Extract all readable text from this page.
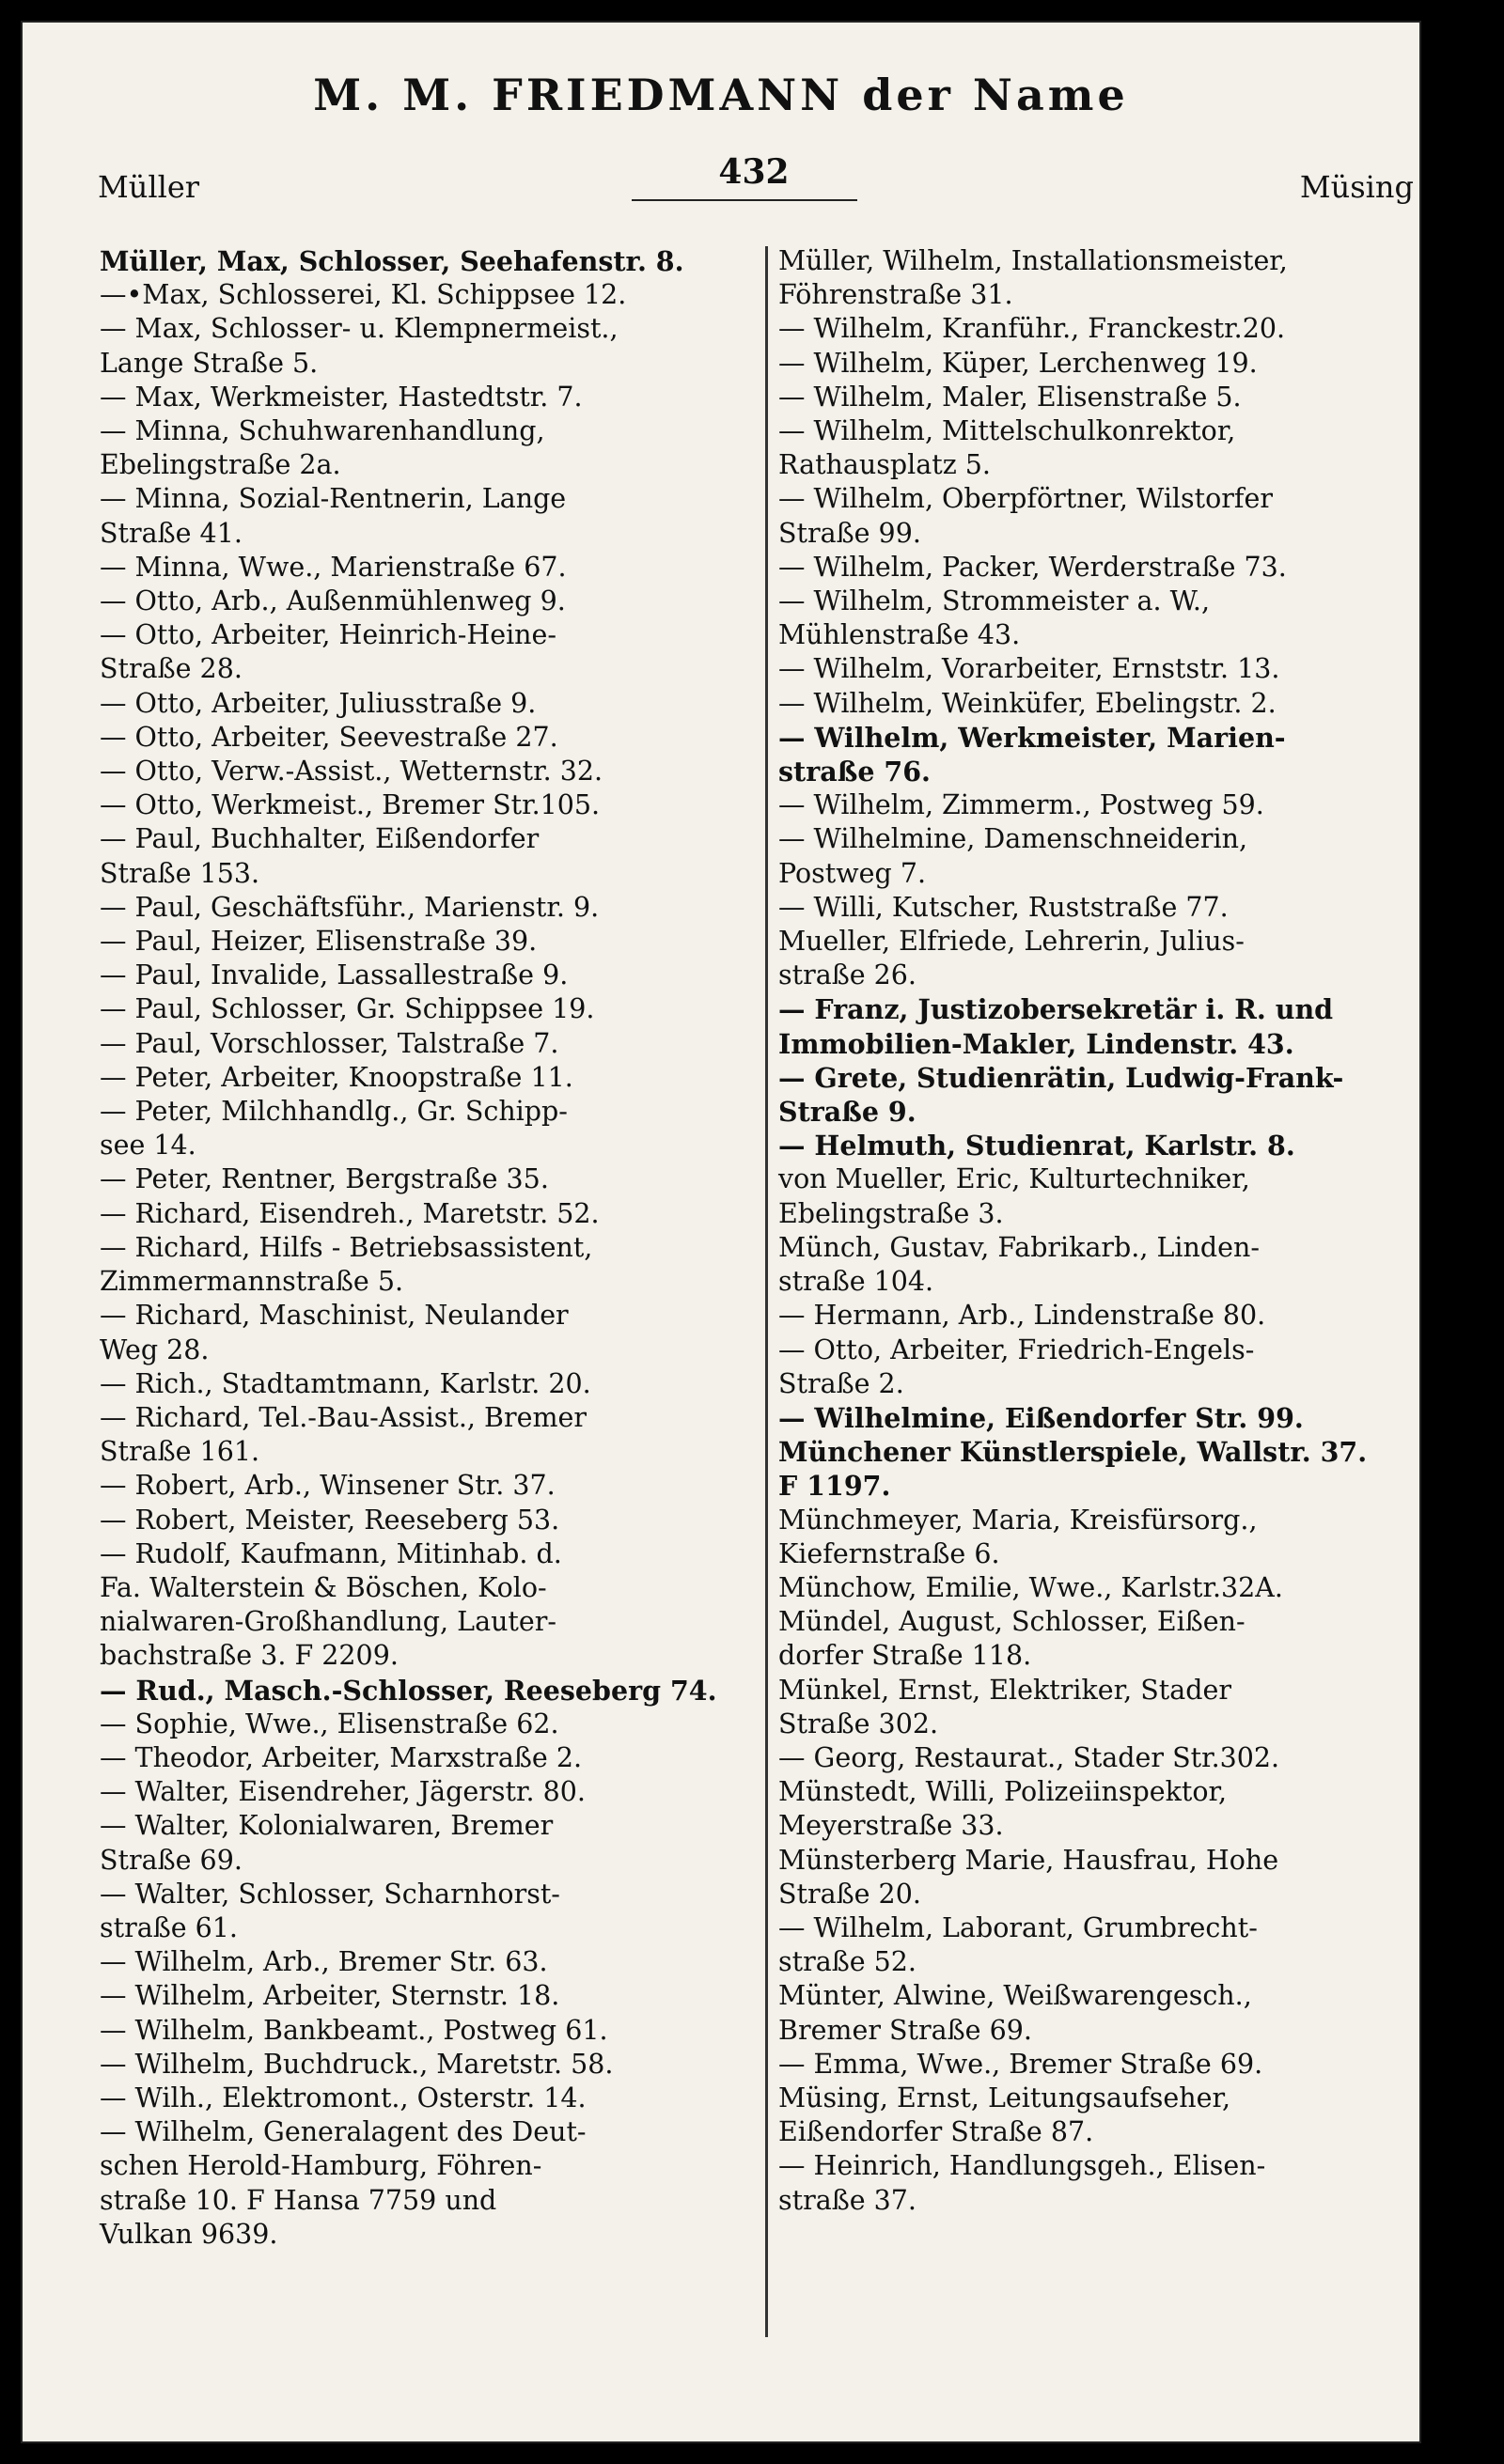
M. M. FRIEDMANN der Name
Müller	432	Müsing

Müller, Max, Schlosser, Seehafenstr. 8.

—•Max, Schlosserei, Kl. Schippsee 12.

— Max, Schlosser- u. Klempnermeist.,
Lange Straße 5.

— Max, Werkmeister, Hastedtstr. 7.

— Minna, Schuhwarenhandlung,
Ebelingstraße 2a.

— Minna, Sozial-Rentnerin, Lange
Straße 41.

— Minna, Wwe., Marienstraße 67.

— Otto, Arb., Außenmühlenweg 9.

— Otto, Arbeiter, Heinrich-Heine-
Straße 28.

— Otto, Arbeiter, Juliusstraße 9.

— Otto, Arbeiter, Seevestraße 27.

— Otto, Verw.-Assist., Wetternstr. 32.

— Otto, Werkmeist., Bremer Str.105.

— Paul, Buchhalter, Eißendorfer
Straße 153.

— Paul, Geschäftsführ., Marienstr. 9.

— Paul, Heizer, Elisenstraße 39.

— Paul, Invalide, Lassallestraße 9.

— Paul, Schlosser, Gr. Schippsee 19.

— Paul, Vorschlosser, Talstraße 7.

— Peter, Arbeiter, Knoopstraße 11.

— Peter, Milchhandlg., Gr. Schipp-
see 14.

— Peter, Rentner, Bergstraße 35.

— Richard, Eisendreh., Maretstr. 52.

— Richard, Hilfs - Betriebsassistent,
Zimmermannstraße 5.

— Richard, Maschinist, Neulander
Weg 28.

— Rich., Stadtamtmann, Karlstr. 20.

— Richard, Tel.-Bau-Assist., Bremer
Straße 161.

— Robert, Arb., Winsener Str. 37.

— Robert, Meister, Reeseberg 53.

— Rudolf, Kaufmann, Mitinhab. d.
Fa. Walterstein & Böschen, Kolo-
nialwaren-Großhandlung, Lauter-
bachstraße 3. F 2209.

— Rud., Masch.-Schlosser, Reeseberg 74.

— Sophie, Wwe., Elisenstraße 62.

— Theodor, Arbeiter, Marxstraße 2.

— Walter, Eisendreher, Jägerstr. 80.

— Walter, Kolonialwaren, Bremer
Straße 69.

— Walter, Schlosser, Scharnhorst-
straße 61.

— Wilhelm, Arb., Bremer Str. 63.

— Wilhelm, Arbeiter, Sternstr. 18.

— Wilhelm, Bankbeamt., Postweg 61.

— Wilhelm, Buchdruck., Maretstr. 58.

— Wilh., Elektromont., Osterstr. 14.

— Wilhelm, Generalagent des Deut-
schen Herold-Hamburg, Föhren-
straße 10. F Hansa 7759 und
Vulkan 9639.

Müller, Wilhelm, Installationsmeister,
Föhrenstraße 31.

— Wilhelm, Kranführ., Franckestr.20.

— Wilhelm, Küper, Lerchenweg 19.

— Wilhelm, Maler, Elisenstraße 5.

— Wilhelm, Mittelschulkonrektor,
Rathausplatz 5.

— Wilhelm, Oberpförtner, Wilstorfer
Straße 99.

— Wilhelm, Packer, Werderstraße 73.

— Wilhelm, Strommeister a. W.,
Mühlenstraße 43.

— Wilhelm, Vorarbeiter, Ernststr. 13.

— Wilhelm, Weinküfer, Ebelingstr. 2.

— Wilhelm, Werkmeister, Marien-
straße 76.

— Wilhelm, Zimmerm., Postweg 59.

— Wilhelmine, Damenschneiderin,
Postweg 7.

— Willi, Kutscher, Ruststraße 77.

Mueller, Elfriede, Lehrerin, Julius-
straße 26.

— Franz, Justizobersekretär i. R. und
Immobilien-Makler, Lindenstr. 43.

— Grete, Studienrätin, Ludwig-Frank-
Straße 9.

— Helmuth, Studienrat, Karlstr. 8.

von Mueller, Eric, Kulturtechniker,
Ebelingstraße 3.

Münch, Gustav, Fabrikarb., Linden-
straße 104.

— Hermann, Arb., Lindenstraße 80.

— Otto, Arbeiter, Friedrich-Engels-
Straße 2.

— Wilhelmine, Eißendorfer Str. 99.

Münchener Künstlerspiele, Wallstr. 37.
F 1197.

Münchmeyer, Maria, Kreisfürsorg.,
Kiefernstraße 6.

Münchow, Emilie, Wwe., Karlstr.32A.

Mündel, August, Schlosser, Eißen-
dorfer Straße 118.

Münkel, Ernst, Elektriker, Stader
Straße 302.

— Georg, Restaurat., Stader Str.302.

Münstedt, Willi, Polizeiinspektor,
Meyerstraße 33.

Münsterberg Marie, Hausfrau, Hohe
Straße 20.

— Wilhelm, Laborant, Grumbrecht-
straße 52.

Münter, Alwine, Weißwarengesch.,
Bremer Straße 69.

— Emma, Wwe., Bremer Straße 69.

Müsing, Ernst, Leitungsaufseher,
Eißendorfer Straße 87.

— Heinrich, Handlungsgeh., Elisen-
straße 37.
